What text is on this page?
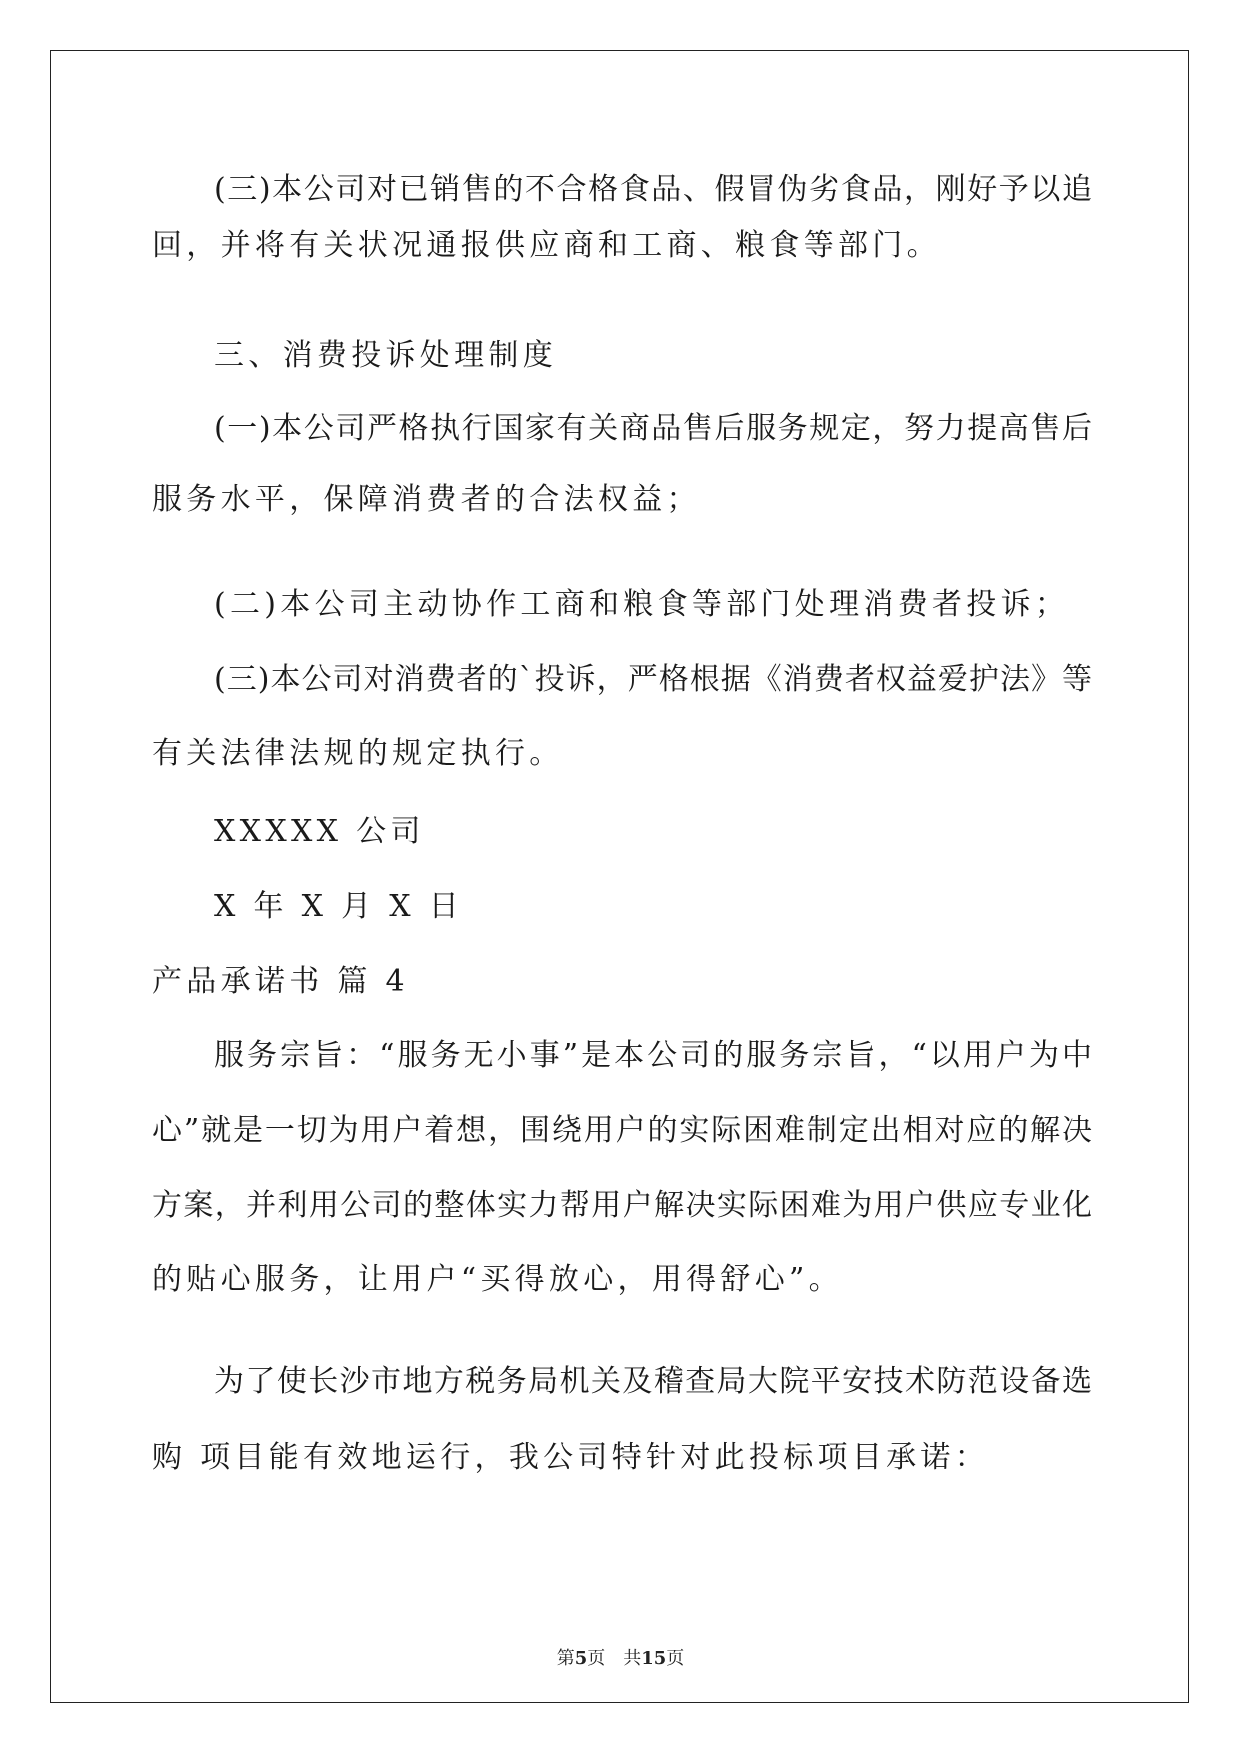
(三)本公司对已销售的不合格食品、假冒伪劣食品，刚好予以追
回，并将有关状况通报供应商和工商、粮食等部门。
三、消费投诉处理制度
(一)本公司严格执行国家有关商品售后服务规定，努力提高售后
服务水平，保障消费者的合法权益；
(二)本公司主动协作工商和粮食等部门处理消费者投诉；
(三)本公司对消费者的`投诉，严格根据《消费者权益爱护法》等
有关法律法规的规定执行。
XXXXX 公司
X 年 X 月 X 日
产品承诺书 篇 4
服务宗旨：“服务无小事”是本公司的服务宗旨，“以用户为中
心”就是一切为用户着想，围绕用户的实际困难制定出相对应的解决
方案，并利用公司的整体实力帮用户解决实际困难为用户供应专业化
的贴心服务，让用户“买得放心，用得舒心”。
为了使长沙市地方税务局机关及稽查局大院平安技术防范设备选
购 项目能有效地运行，我公司特针对此投标项目承诺：
第5页　共15页
